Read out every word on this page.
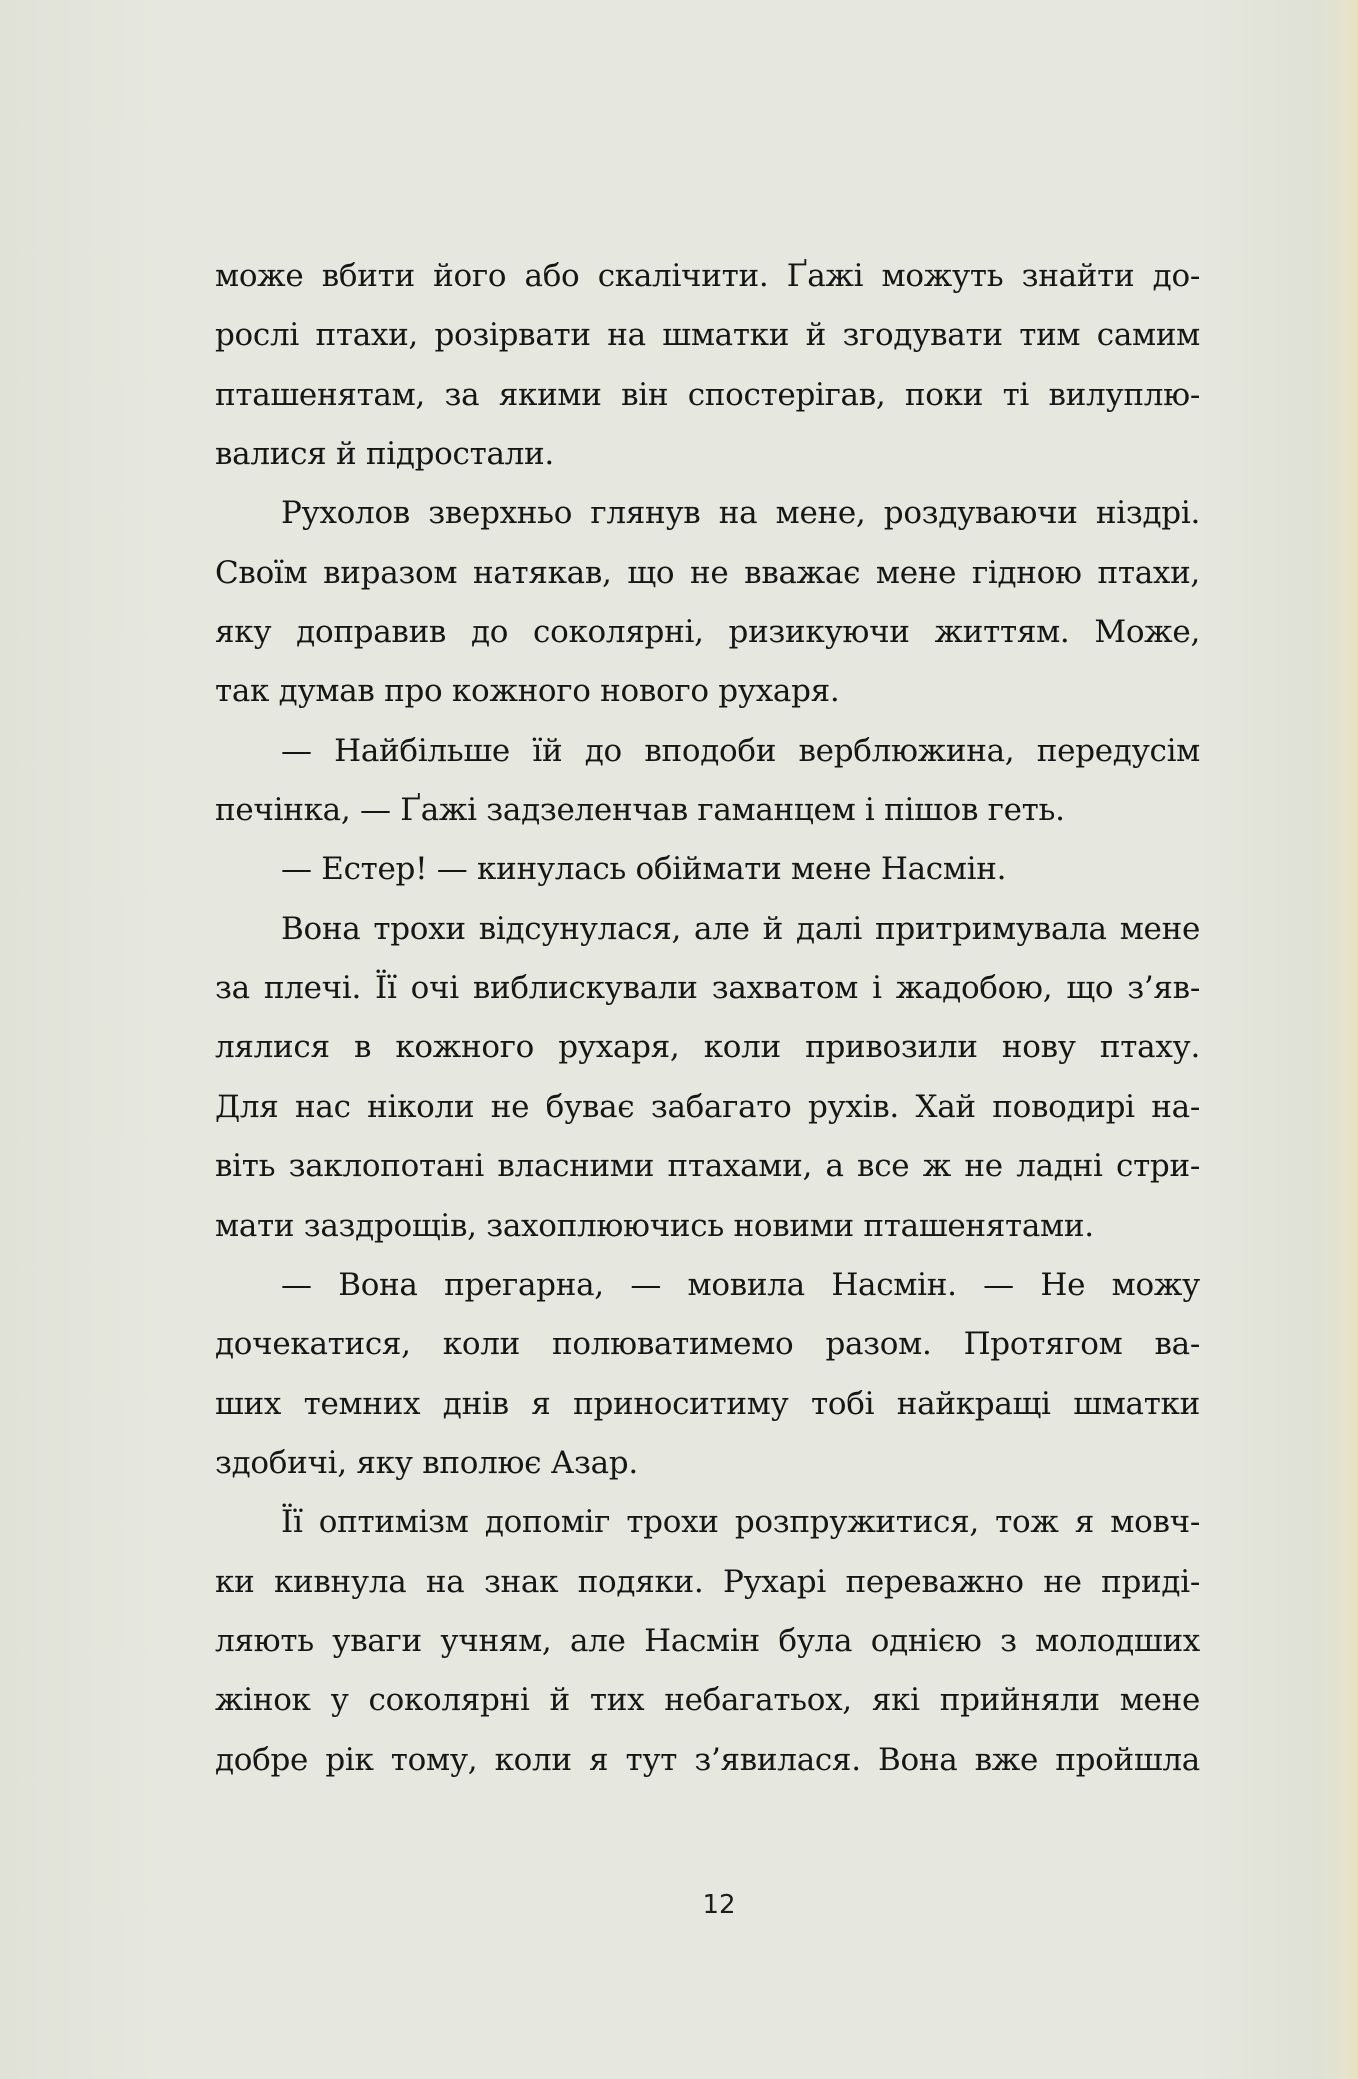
може вбити його або скалічити. Ґажі можуть знайти до-
рослі птахи, розірвати на шматки й згодувати тим самим
пташенятам, за якими він спостерігав, поки ті вилуплю-
валися й підростали.
Рухолов зверхньо глянув на мене, роздуваючи ніздрі.
Своїм виразом натякав, що не вважає мене гідною птахи,
яку доправив до соколярні, ризикуючи життям. Може,
так думав про кожного нового рухаря.
— Найбільше їй до вподоби верблюжина, передусім
печінка, — Ґажі задзеленчав гаманцем і пішов геть.
— Естер! — кинулась обіймати мене Насмін.
Вона трохи відсунулася, але й далі притримувала мене
за плечі. Її очі виблискували захватом і жадобою, що з’яв-
лялися в кожного рухаря, коли привозили нову птаху.
Для нас ніколи не буває забагато рухів. Хай поводирі на-
віть заклопотані власними птахами, а все ж не ладні стри-
мати заздрощів, захоплюючись новими пташенятами.
— Вона прегарна, — мовила Насмін. — Не можу
дочекатися, коли полюватимемо разом. Протягом ва-
ших темних днів я приноситиму тобі найкращі шматки
здобичі, яку вполює Азар.
Її оптимізм допоміг трохи розпружитися, тож я мовч-
ки кивнула на знак подяки. Рухарі переважно не приді-
ляють уваги учням, але Насмін була однією з молодших
жінок у соколярні й тих небагатьох, які прийняли мене
добре рік тому, коли я тут з’явилася. Вона вже пройшла
12
